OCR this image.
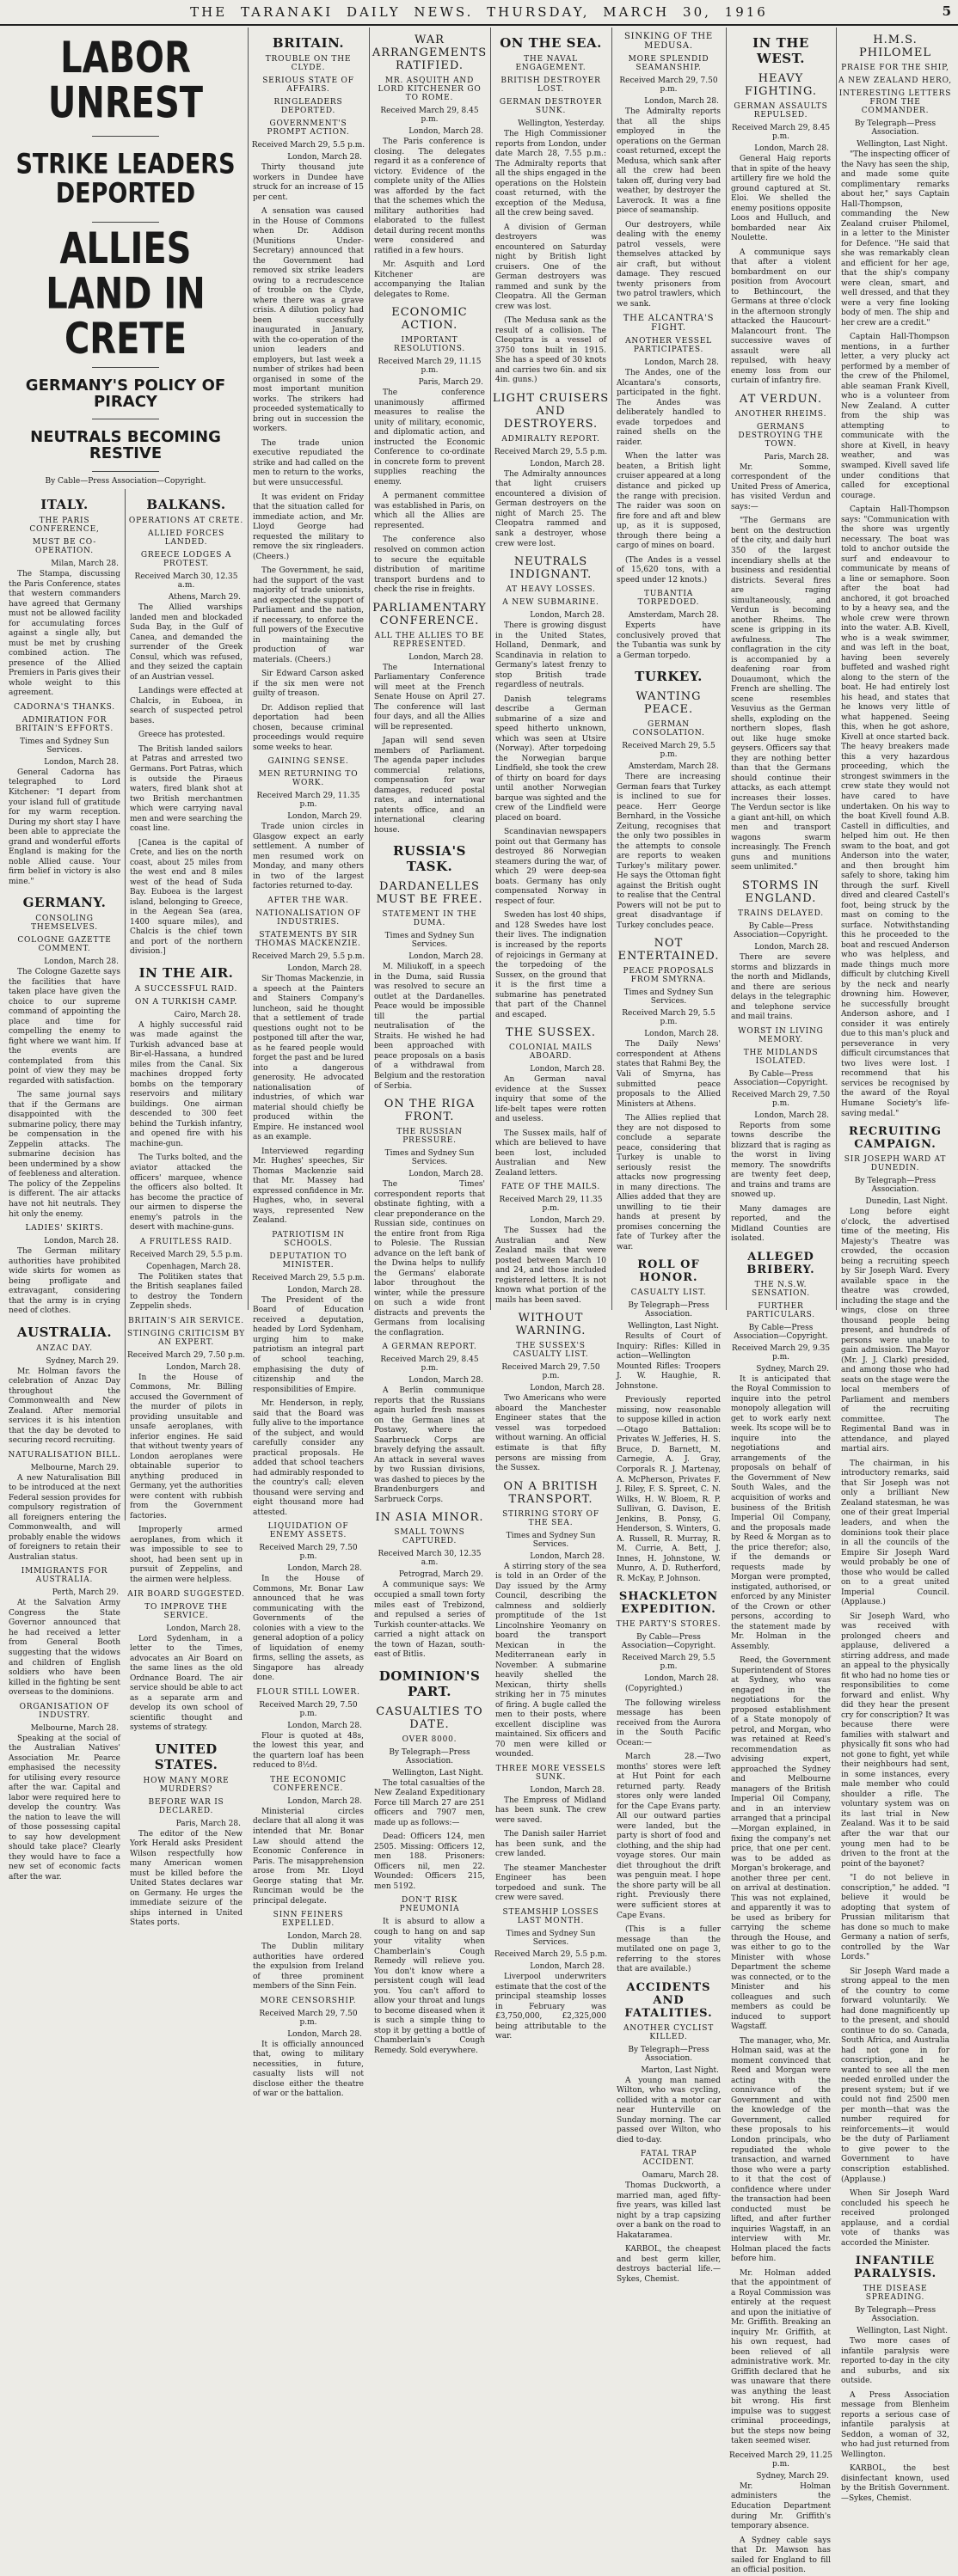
THE TARANAKI DAILY NEWS. THURSDAY, MARCH 30, 1916	5
LABOR UNREST
STRIKE LEADERS DEPORTED
ALLIES LAND IN CRETE
GERMANY'S POLICY OF PIRACY
NEUTRALS BECOMING RESTIVE
By Cable—Press Association—Copyright.
ITALY.
THE PARIS CONFERENCE,
MUST BE CO-OPERATION.
Milan, March 28.

The Stampa, discussing the Paris Conference, states that western commanders have agreed that Germany must not be allowed facility for accumulating forces against a single ally, but must be met by crushing combined action. The presence of the Allied Premiers in Paris gives their whole weight to this agreement.

CADORNA'S THANKS.
ADMIRATION FOR BRITAIN'S EFFORTS.
Times and Sydney Sun Services.
London, March 28.

General Cadorna has telegraphed to Lord Kitchener: "I depart from your island full of gratitude for my warm reception. During my short stay I have been able to appreciate the grand and wonderful efforts England is making for the noble Allied cause. Your firm belief in victory is also mine."

GERMANY.
CONSOLING THEMSELVES.
COLOGNE GAZETTE COMMENT.
London, March 28.

The Cologne Gazette says the facilities that have taken place have given the choice to our supreme command of appointing the place and time for compelling the enemy to fight where we want him. If the events are contemplated from this point of view they may be regarded with satisfaction.

The same journal says that if the Germans are disappointed with the submarine policy, there may be compensation in the Zeppelin attacks. The submarine decision has been undermined by a show of feebleness and alteration. The policy of the Zeppelins is different. The air attacks have not hit neutrals. They hit only the enemy.

LADIES' SKIRTS.
London, March 28.

The German military authorities have prohibited wide skirts for women as being profligate and extravagant, considering that the army is in crying need of clothes.

AUSTRALIA.
ANZAC DAY.
Sydney, March 29.

Mr. Holman favors the celebration of Anzac Day throughout the Commonwealth and New Zealand. After memorial services it is his intention that the day be devoted to securing record recruiting.

NATURALISATION BILL.
Melbourne, March 29.

A new Naturalisation Bill to be introduced at the next Federal session provides for compulsory registration of all foreigners entering the Commonwealth, and will probably enable the widows of foreigners to retain their Australian status.

IMMIGRANTS FOR AUSTRALIA.
Perth, March 29.

At the Salvation Army Congress the State Governor announced that he had received a letter from General Booth suggesting that the widows and children of English soldiers who have been killed in the fighting be sent overseas to the dominions.

ORGANISATION OF INDUSTRY.
Melbourne, March 28.

Speaking at the social of the Australian Natives' Association Mr. Pearce emphasised the necessity for utilising every resource after the war. Capital and labor were required here to develop the country. Was the nation to leave the will of those possessing capital to say how development should take place? Clearly they would have to face a new set of economic facts after the war.

BALKANS.
OPERATIONS AT CRETE.
ALLIED FORCES LANDED.
GREECE LODGES A PROTEST.
Received March 30, 12.35 a.m.
Athens, March 29.

The Allied warships landed men and blockaded Suda Bay, in the Gulf of Canea, and demanded the surrender of the Greek Consul, which was refused, and they seized the captain of an Austrian vessel.

Landings were effected at Chalcis, in Euboea, in search of suspected petrol bases.

Greece has protested.

The British landed sailors at Patras and arrested two Germans. Port Patras, which is outside the Piraeus waters, fired blank shot at two British merchantmen which were carrying naval men and were searching the coast line.

[Canea is the capital of Crete, and lies on the north coast, about 25 miles from the west end and 8 miles west of the head of Suda Bay. Euboea is the largest island, belonging to Greece, in the Aegean Sea (area, 1400 square miles), and Chalcis is the chief town and port of the northern division.]

IN THE AIR.
A SUCCESSFUL RAID.
ON A TURKISH CAMP.
Cairo, March 28.

A highly successful raid was made against the Turkish advanced base at Bir-el-Hassana, a hundred miles from the Canal. Six machines dropped forty bombs on the temporary reservoirs and military buildings. One airman descended to 300 feet behind the Turkish infantry, and opened fire with his machine-gun.

The Turks bolted, and the aviator attacked the officers' marquee, whence the officers also bolted. It has become the practice of our airmen to disperse the enemy's patrols in the desert with machine-guns.

A FRUITLESS RAID.
Received March 29, 5.5 p.m.
Copenhagen, March 28.

The Politiken states that the British seaplanes failed to destroy the Tondern Zeppelin sheds.

BRITAIN'S AIR SERVICE.
STINGING CRITICISM BY AN EXPERT.
Received March 29, 7.50 p.m.
London, March 28.

In the House of Commons, Mr. Billing accused the Government of the murder of pilots in providing unsuitable and unsafe aeroplanes, with inferior engines. He said that without twenty years of London aeroplanes were obtainable superior to anything produced in Germany, yet the authorities were content with rubbish from the Government factories.

Improperly armed aeroplanes, from which it was impossible to see to shoot, had been sent up in pursuit of Zeppelins, and the airmen were helpless.

AIR BOARD SUGGESTED.
TO IMPROVE THE SERVICE.
London, March 28.

Lord Sydenham, in a letter to the Times, advocates an Air Board on the same lines as the old Ordnance Board. The air service should be able to act as a separate arm and develop its own school of scientific thought and systems of strategy.

UNITED STATES.
HOW MANY MORE MURDERS?
BEFORE WAR IS DECLARED.
Paris, March 28.

The editor of the New York Herald asks President Wilson respectfully how many American women must be killed before the United States declares war on Germany. He urges the immediate seizure of the ships interned in United States ports.

BRITAIN.
TROUBLE ON THE CLYDE.
SERIOUS STATE OF AFFAIRS.
RINGLEADERS DEPORTED.
GOVERNMENT'S PROMPT ACTION.
Received March 29, 5.5 p.m.
London, March 28.

Thirty thousand jute workers in Dundee have struck for an increase of 15 per cent.

A sensation was caused in the House of Commons when Dr. Addison (Munitions Under-Secretary) announced that the Government had removed six strike leaders owing to a recrudescence of trouble on the Clyde, where there was a grave crisis. A dilution policy had been successfully inaugurated in January, with the co-operation of the union leaders and employers, but last week a number of strikes had been organised in some of the most important munition works. The strikers had proceeded systematically to bring out in succession the workers.

The trade union executive repudiated the strike and had called on the men to return to the works, but were unsuccessful.

It was evident on Friday that the situation called for immediate action, and Mr. Lloyd George had requested the military to remove the six ringleaders. (Cheers.)

The Government, he said, had the support of the vast majority of trade unionists, and expected the support of Parliament and the nation, if necessary, to enforce the full powers of the Executive in maintaining the production of war materials. (Cheers.)

Sir Edward Carson asked if the six men were not guilty of treason.

Dr. Addison replied that deportation had been chosen, because criminal proceedings would require some weeks to hear.

GAINING SENSE.
MEN RETURNING TO WORK.
Received March 29, 11.35 p.m.
London, March 29.

Trade union circles in Glasgow expect an early settlement. A number of men resumed work on Monday, and many others in two of the largest factories returned to-day.

AFTER THE WAR.
NATIONALISATION OF INDUSTRIES.
STATEMENTS BY SIR THOMAS MACKENZIE.
Received March 29, 5.5 p.m.
London, March 28.

Sir Thomas Mackenzie, in a speech at the Painters and Stainers Company's luncheon, said he thought that a settlement of trade questions ought not to be postponed till after the war, as he feared people would forget the past and be lured into a dangerous generosity. He advocated nationalisation of industries, of which war material should chiefly be produced within the Empire. He instanced wool as an example.

Interviewed regarding Mr. Hughes' speeches, Sir Thomas Mackenzie said that Mr. Massey had expressed confidence in Mr. Hughes, who, in several ways, represented New Zealand.

PATRIOTISM IN SCHOOLS.
DEPUTATION TO MINISTER.
Received March 29, 5.5 p.m.
London, March 28.

The President of the Board of Education received a deputation, headed by Lord Sydenham, urging him to make patriotism an integral part of school teaching, emphasising the duty of citizenship and the responsibilities of Empire.

Mr. Henderson, in reply, said that the Board was fully alive to the importance of the subject, and would carefully consider any practical proposals. He added that school teachers had admirably responded to the country's call; eleven thousand were serving and eight thousand more had attested.

LIQUIDATION OF ENEMY ASSETS.
Received March 29, 7.50 p.m.
London, March 28.

In the House of Commons, Mr. Bonar Law announced that he was communicating with the Governments of the colonies with a view to the general adoption of a policy of liquidation of enemy firms, selling the assets, as Singapore has already done.

FLOUR STILL LOWER.
Received March 29, 7.50 p.m.
London, March 28.

Flour is quoted at 48s, the lowest this year, and the quartern loaf has been reduced to 8½d.

THE ECONOMIC CONFERENCE.
London, March 28.

Ministerial circles declare that all along it was intended that Mr. Bonar Law should attend the Economic Conference in Paris. The misapprehension arose from Mr. Lloyd George stating that Mr. Runciman would be the principal delegate.

SINN FEINERS EXPELLED.
London, March 28.

The Dublin military authorities have ordered the expulsion from Ireland of three prominent members of the Sinn Fein.

MORE CENSORSHIP.
Received March 29, 7.50 p.m.
London, March 28.

It is officially announced that, owing to military necessities, in future, casualty lists will not disclose either the theatre of war or the battalion.

WAR ARRANGEMENTS RATIFIED.
MR. ASQUITH AND LORD KITCHENER GO TO ROME.
Received March 29, 8.45 p.m.
London, March 28.

The Paris conference is closing. The delegates regard it as a conference of victory. Evidence of the complete unity of the Allies was afforded by the fact that the schemes which the military authorities had elaborated to the fullest detail during recent months were considered and ratified in a few hours.

Mr. Asquith and Lord Kitchener are accompanying the Italian delegates to Rome.

ECONOMIC ACTION.
IMPORTANT RESOLUTIONS.
Received March 29, 11.15 p.m.
Paris, March 29.

The conference unanimously affirmed measures to realise the unity of military, economic, and diplomatic action, and instructed the Economic Conference to co-ordinate in concrete form to prevent supplies reaching the enemy.

A permanent committee was established in Paris, on which all the Allies are represented.

The conference also resolved on common action to secure the equitable distribution of maritime transport burdens and to check the rise in freights.

PARLIAMENTARY CONFERENCE.
ALL THE ALLIES TO BE REPRESENTED.
London, March 28.

The International Parliamentary Conference will meet at the French Senate House on April 27. The conference will last four days, and all the Allies will be represented.

Japan will send seven members of Parliament. The agenda paper includes commercial relations, compensation for war damages, reduced postal rates, and international patents office, and an international clearing house.

RUSSIA'S TASK.
DARDANELLES MUST BE FREE.
STATEMENT IN THE DUMA.
Times and Sydney Sun Services.
London, March 28.

M. Miliukoff, in a speech in the Duma, said Russia was resolved to secure an outlet at the Dardanelles. Peace would be impossible till the partial neutralisation of the Straits. He wished he had been approached with peace proposals on a basis of a withdrawal from Belgium and the restoration of Serbia.

ON THE RIGA FRONT.
THE RUSSIAN PRESSURE.
Times and Sydney Sun Services.
London, March 28.

The Times' correspondent reports that obstinate fighting, with a clear preponderance on the Russian side, continues on the entire front from Riga to Polesie. The Russian advance on the left bank of the Dwina helps to nullify the Germans' elaborate labor throughout the winter, while the pressure on such a wide front distracts and prevents the Germans from localising the conflagration.

A GERMAN REPORT.
Received March 29, 8.45 p.m.
London, March 28.

A Berlin communique reports that the Russians again hurled fresh masses on the German lines at Postawy, where the Saarbrueck Corps are bravely defying the assault. An attack in several waves by two Russian divisions, was dashed to pieces by the Brandenburgers and Sarbrueck Corps.

IN ASIA MINOR.
SMALL TOWNS CAPTURED.
Received March 30, 12.35 a.m.
Petrograd, March 29.

A communique says: We occupied a small town forty miles east of Trebizond, and repulsed a series of Turkish counter-attacks. We carried a night attack on the town of Hazan, south-east of Bitlis.

DOMINION'S PART.
CASUALTIES TO DATE.
OVER 8000.
By Telegraph—Press Association.
Wellington, Last Night.

The total casualties of the New Zealand Expeditionary Force till March 27 are 251 officers and 7907 men, made up as follows:—

Dead: Officers 124, men 2505. Missing: Officers 12, men 188. Prisoners: Officers nil, men 22. Wounded: Officers 215, men 5192.

DON'T RISK PNEUMONIA

It is absurd to allow a cough to hang on and sap your vitality when Chamberlain's Cough Remedy will relieve you. You don't know where a persistent cough will lead you. You can't afford to allow your throat and lungs to become diseased when it is such a simple thing to stop it by getting a bottle of Chamberlain's Cough Remedy. Sold everywhere.

ON THE SEA.
THE NAVAL ENGAGEMENT.
BRITISH DESTROYER LOST.
GERMAN DESTROYER SUNK.
Wellington, Yesterday.

The High Commissioner reports from London, under date March 28, 7.55 p.m.: The Admiralty reports that all the ships engaged in the operations on the Holstein coast returned, with the exception of the Medusa, all the crew being saved.

A division of German destroyers was encountered on Saturday night by British light cruisers. One of the German destroyers was rammed and sunk by the Cleopatra. All the German crew was lost.

(The Medusa sank as the result of a collision. The Cleopatra is a vessel of 3750 tons built in 1915. She has a speed of 30 knots and carries two 6in. and six 4in. guns.)

LIGHT CRUISERS AND DESTROYERS.
ADMIRALTY REPORT.
Received March 29, 5.5 p.m.
London, March 28.

The Admiralty announces that light cruisers encountered a division of German destroyers on the night of March 25. The Cleopatra rammed and sank a destroyer, whose crew were lost.

NEUTRALS INDIGNANT.
AT HEAVY LOSSES.
A NEW SUBMARINE.
London, March 28.

There is growing disgust in the United States, Holland, Denmark, and Scandinavia in relation to Germany's latest frenzy to stop British trade regardless of neutrals.

Danish telegrams describe a German submarine of a size and speed hitherto unknown, which was seen at Utsire (Norway). After torpedoing the Norwegian barque Lindfield, she took the crew of thirty on board for days until another Norwegian barque was sighted and the crew of the Lindfield were placed on board.

Scandinavian newspapers point out that Germany has destroyed 86 Norwegian steamers during the war, of which 29 were deep-sea boats. Germany has only compensated Norway in respect of four.

Sweden has lost 40 ships, and 128 Swedes have lost their lives. The indignation is increased by the reports of rejoicings in Germany at the torpedoing of the Sussex, on the ground that it is the first time a submarine has penetrated that part of the Channel and escaped.

THE SUSSEX.
COLONIAL MAILS ABOARD.
London, March 28.

An German naval evidence at the Sussex inquiry that some of the life-belt tapes were rotten and useless.

The Sussex mails, half of which are believed to have been lost, included Australian and New Zealand letters.

FATE OF THE MAILS.
Received March 29, 11.35 p.m.
London, March 29.

The Sussex had the Australian and New Zealand mails that were posted between March 10 and 24, and those included registered letters. It is not known what portion of the mails has been saved.

WITHOUT WARNING.
THE SUSSEX'S CASUALTY LIST.
Received March 29, 7.50 p.m.
London, March 28.

Two Americans who were aboard the Manchester Engineer states that the vessel was torpedoed without warning. An official estimate is that fifty persons are missing from the Sussex.

ON A BRITISH TRANSPORT.
STIRRING STORY OF THE SEA.
Times and Sydney Sun Services.
London, March 28.

A stirring story of the sea is told in an Order of the Day issued by the Army Council, describing the calmness and soldierly promptitude of the 1st Lincolnshire Yeomanry on board the transport Mexican in the Mediterranean early in November. A submarine heavily shelled the Mexican, thirty shells striking her in 75 minutes of firing. A bugle called the men to their posts, where excellent discipline was maintained. Six officers and 70 men were killed or wounded.

THREE MORE VESSELS SUNK.
London, March 28.

The Empress of Midland has been sunk. The crew were saved.

The Danish sailer Harriet has been sunk, and the crew landed.

The steamer Manchester Engineer has been torpedoed and sunk. The crew were saved.

STEAMSHIP LOSSES LAST MONTH.
Times and Sydney Sun Services.
Received March 29, 5.5 p.m.
London, March 28.

Liverpool underwriters estimate that the cost of the principal steamship losses in February was £3,750,000, £2,325,000 being attributable to the war.

SINKING OF THE MEDUSA.
MORE SPLENDID SEAMANSHIP.
Received March 29, 7.50 p.m.
London, March 28.

The Admiralty reports that all the ships employed in the operations on the German coast returned, except the Medusa, which sank after all the crew had been taken off, during very bad weather, by destroyer the Laverock. It was a fine piece of seamanship.

Our destroyers, while dealing with the enemy patrol vessels, were themselves attacked by air craft, but without damage. They rescued twenty prisoners from two patrol trawlers, which we sank.

THE ALCANTRA'S FIGHT.
ANOTHER VESSEL PARTICIPATES.
London, March 28.

The Andes, one of the Alcantara's consorts, participated in the fight. The Andes was deliberately handled to evade torpedoes and rained shells on the raider.

When the latter was beaten, a British light cruiser appeared at a long distance and picked up the range with precision. The raider was soon on fire fore and aft and blew up, as it is supposed, through there being a cargo of mines on board.

(The Andes is a vessel of 15,620 tons, with a speed under 12 knots.)

TUBANTIA TORPEDOED.
Amsterdam, March 28.

Experts have conclusively proved that the Tubantia was sunk by a German torpedo.

TURKEY.
WANTING PEACE.
GERMAN CONSOLATION.
Received March 29, 5.5 p.m.
Amsterdam, March 28.

There are increasing German fears that Turkey is inclined to sue for peace. Herr George Bernhard, in the Vossiche Zeitung, recognises that the only two possibles in the attempts to console are reports to weaken Turkey's military power. He says the Ottoman fight against the British ought to realise that the Central Powers will not be put to great disadvantage if Turkey concludes peace.

NOT ENTERTAINED.
PEACE PROPOSALS FROM SMYRNA.
Times and Sydney Sun Services.
Received March 29, 5.5 p.m.
London, March 28.

The Daily News' correspondent at Athens states that Rahmi Bey, the Vali of Smyrna, has submitted peace proposals to the Allied Ministers at Athens.

The Allies replied that they are not disposed to conclude a separate peace, considering that Turkey is unable to seriously resist the attacks now progressing in many directions. The Allies added that they are unwilling to tie their hands at present by promises concerning the fate of Turkey after the war.

ROLL OF HONOR.
CASUALTY LIST.
By Telegraph—Press Association.
Wellington, Last Night.

Results of Court of Inquiry: Rifles: Killed in action—Wellington Mounted Rifles: Troopers J. W. Haughie, R. Johnstone.

Previously reported missing, now reasonable to suppose killed in action—Otago Battalion: Privates W. Jefferies, H. S. Bruce, D. Barnett, M. Carnegie, A. J. Gray, Corporals R. J. Martenay, A. McPherson, Privates F. J. Riley, F. S. Spreet, C. N. Wilks, H. W. Bloem, R. P. Sullivan, G. Davison, E. Jenkins, B. Ponsy, G. Henderson, S. Winters, G. A. Russell, R. Murray, R. M. Currie, A. Bett, J. Innes, H. Johnstone, W. Munro, A. D. Rutherford, R. McKay, P. Johnson.

SHACKLETON EXPEDITION.
THE PARTY'S STORES.
By Cable—Press Association—Copyright.
Received March 29, 5.5 p.m.
London, March 28.

(Copyrighted.)

The following wireless message has been received from the Aurora in the South Pacific Ocean:—

March 28.—Two months' stores were left at Hut Point for each returned party. Ready stores only were landed for the Cape Evans party. All our outward parties were landed, but the party is short of food and clothing, and the ship had voyage stores. Our main diet throughout the drift was penguin meat. I hope the shore party will be all right. Previously there were sufficient stores at Cape Evans.

(This is a fuller message than the mutilated one on page 3, referring to the stores that are available.)

ACCIDENTS AND FATALITIES.
ANOTHER CYCLIST KILLED.
By Telegraph—Press Association.
Marton, Last Night.

A young man named Wilton, who was cycling, collided with a motor car near Hunterville on Sunday morning. The car passed over Wilton, who died to-day.

FATAL TRAP ACCIDENT.
Oamaru, March 28.

Thomas Duckworth, a married man, aged fifty-five years, was killed last night by a trap capsizing over a bank on the road to Hakataramea.

KARBOL, the cheapest and best germ killer, destroys bacterial life.—Sykes, Chemist.

IN THE WEST.
HEAVY FIGHTING.
GERMAN ASSAULTS REPULSED.
Received March 29, 8.45 p.m.
London, March 28.

General Haig reports that in spite of the heavy artillery fire we hold the ground captured at St. Eloi. We shelled the enemy positions opposite Loos and Hulluch, and bombarded near Aix Noulette.

A communique says that after a violent bombardment on our position from Avocourt to Bethincourt, the Germans at three o'clock in the afternoon strongly attacked the Haucourt-Malancourt front. The successive waves of assault were all repulsed, with heavy enemy loss from our curtain of infantry fire.

AT VERDUN.
ANOTHER RHEIMS.
GERMANS DESTROYING THE TOWN.
Paris, March 28.

Mr. Somme, correspondent of the United Press of America, has visited Verdun and says:—

"The Germans are bent on the destruction of the city, and daily hurl 350 of the largest incendiary shells at the business and residential districts. Several fires are raging simultaneously, and Verdun is becoming another Rheims. The scene is gripping in its awfulness. The conflagration in the city is accompanied by a deafening roar from Douaumont, which the French are shelling. The scene resembles Vesuvius as the German shells, exploding on the northern slopes, flash out like huge smoke geysers. Officers say that they are nothing better than that the Germans should continue their attacks, as each attempt increases their losses. The Verdun sector is like a giant ant-hill, on which men and transport wagons swarm increasingly. The French guns and munitions seem unlimited."

STORMS IN ENGLAND.
TRAINS DELAYED.
By Cable—Press Association—Copyright.
London, March 28.

There are severe storms and blizzards in the north and Midlands, and there are serious delays in the telegraphic and telephone service and mail trains.

WORST IN LIVING MEMORY.
THE MIDLANDS ISOLATED.
By Cable—Press Association—Copyright.
Received March 29, 7.50 p.m.
London, March 28.

Reports from some towns describe the blizzard that is raging as the worst in living memory. The snowdrifts are twenty feet deep, and trains and trams are snowed up.

Many damages are reported, and the Midland Counties are isolated.

ALLEGED BRIBERY.
THE N.S.W. SENSATION.
FURTHER PARTICULARS.
By Cable—Press Association—Copyright.
Received March 29, 9.35 p.m.
Sydney, March 29.

It is anticipated that the Royal Commission to inquire into the petrol monopoly allegation will get to work early next week. Its scope will be to inquire into the negotiations and arrangements of the proposals on behalf of the Government of New South Wales, and the acquisition of works and business of the British Imperial Oil Company, and the proposals made by Reed & Morgan as to the price therefor; also, if the demands or requests made by Morgan were prompted, instigated, authorised, or enforced by any Minister of the Crown or other persons, according to the statement made by Mr. Holman in the Assembly.

Reed, the Government Superintendent of Stores at Sydney, who was engaged in the negotiations for the proposed establishment of a State monopoly of petrol, and Morgan, who was retained at Reed's recommendation as advising expert, approached the Sydney and Melbourne managers of the British Imperial Oil Company, and in an interview arranged that a principal—Morgan explained, in fixing the company's net price, that one per cent. was to be added as Morgan's brokerage, and another three per cent. on arrival at destination. This was not explained, and apparently it was to be used as bribery for carrying the scheme through the House, and was either to go to the Minister with whose Department the scheme was connected, or to the Minister and his colleagues and such members as could be induced to support Wagstaff.

The manager, who, Mr. Holman said, was at the moment convinced that Reed and Morgan were acting with the connivance of the Government and with the knowledge of the Government, called these proposals to his London principals, who repudiated the whole transaction, and warned those who were a party to it that the cost of confidence where under the transaction had been conducted must be lifted, and after further inquiries Wagstaff, in an interview with Mr. Holman placed the facts before him.

Mr. Holman added that the appointment of a Royal Commission was entirely at the request and upon the initiative of Mr. Griffith. Breaking an inquiry Mr. Griffith, at his own request, had been relieved of all administrative work. Mr. Griffith declared that he was unaware that there was anything the least bit wrong. His first impulse was to suggest criminal proceedings, but the steps now being taken seemed wiser.

Received March 29, 11.25 p.m.
Sydney, March 29.

Mr. Holman administers the Education Department during Mr. Griffith's temporary absence.

A Sydney cable says that Dr. Mawson has sailed for England to fill an official position.

H.M.S. PHILOMEL
PRAISE FOR THE SHIP,
A NEW ZEALAND HERO,
INTERESTING LETTERS FROM THE COMMANDER.
By Telegraph—Press Association.
Wellington, Last Night.

"The inspecting officer of the Navy has seen the ship, and made some quite complimentary remarks about her," says Captain Hall-Thompson, commanding the New Zealand cruiser Philomel, in a letter to the Minister for Defence. "He said that she was remarkably clean and efficient for her age, that the ship's company were clean, smart, and well dressed, and that they were a very fine looking body of men. The ship and her crew are a credit."

Captain Hall-Thompson mentions, in a further letter, a very plucky act performed by a member of the crew of the Philomel, able seaman Frank Kivell, who is a volunteer from New Zealand. A cutter from the ship was attempting to communicate with the shore at Kivell, in heavy weather, and was swamped. Kivell saved life under conditions that called for exceptional courage.

Captain Hall-Thompson says: "Communication with the shore was urgently necessary. The boat was told to anchor outside the surf and endeavour to communicate by means of a line or semaphore. Soon after the boat had anchored, it got broached to by a heavy sea, and the whole crew were thrown into the water. A.B. Kivell, who is a weak swimmer, and was left in the boat, having been severely buffeted and washed right along to the stern of the boat. He had entirely lost his head, and states that he knows very little of what happened. Seeing this, when he got ashore, Kivell at once started back. The heavy breakers made this a very hazardous proceeding, which the strongest swimmers in the crew state they would not have cared to have undertaken. On his way to the boat Kivell found A.B. Castell in difficulties, and helped him out. He then swam to the boat, and got Anderson into the water, and then brought him safely to shore, taking him through the surf. Kivell dived and cleared Castell's foot, being struck by the mast on coming to the surface. Notwithstanding this he proceeded to the boat and rescued Anderson who was helpless, and made things much more difficult by clutching Kivell by the neck and nearly drowning him. However, he successfully brought Anderson ashore, and I consider it was entirely due to this man's pluck and perseverance in very difficult circumstances that two lives were lost. I recommend that his services be recognised by the award of the Royal Humane Society's life-saving medal."

RECRUITING CAMPAIGN.
SIR JOSEPH WARD AT DUNEDIN.
By Telegraph—Press Association.
Dunedin, Last Night.

Long before eight o'clock, the advertised time of the meeting, His Majesty's Theatre was crowded, the occasion being a recruiting speech by Sir Joseph Ward. Every available space in the theatre was crowded, including the stage and the wings, close on three thousand people being present, and hundreds of persons were unable to gain admission. The Mayor (Mr. J. J. Clark) presided, and among those who had seats on the stage were the local members of Parliament and members of the recruiting committee. The Regimental Band was in attendance, and played martial airs.

The chairman, in his introductory remarks, said that Sir Joseph was not only a brilliant New Zealand statesman, he was one of their great Imperial leaders, and when the dominions took their place in all the councils of the Empire Sir Joseph Ward would probably be one of those who would be called on to a great united Imperial Council. (Applause.)

Sir Joseph Ward, who was received with prolonged cheers and applause, delivered a stirring address, and made an appeal to the physically fit who had no home ties or responsibilities to come forward and enlist. Why did they hear the present cry for conscription? It was because there were families with stalwart and physically fit sons who had not gone to fight, yet while their neighbours had sent, in some instances, every male member who could shoulder a rifle. The voluntary system was on its last trial in New Zealand. Was it to be said after the war that our young men had to be driven to the front at the point of the bayonet?

"I do not believe in conscription," he added. "I believe it would be adopting that system of Prussian militarism that has done so much to make Germany a nation of serfs, controlled by the War Lords."

Sir Joseph Ward made a strong appeal to the men of the country to come forward voluntarily. We had done magnificently up to the present, and should continue to do so. Canada, South Africa, and Australia had not gone in for conscription, and he wanted to see all the men needed enrolled under the present system; but if we could not find 2500 men per month—that was the number required for reinforcements—it would be the duty of Parliament to give power to the Government to have conscription established. (Applause.)

When Sir Joseph Ward concluded his speech he received prolonged applause, and a cordial vote of thanks was accorded the Minister.

INFANTILE PARALYSIS.
THE DISEASE SPREADING.
By Telegraph—Press Association.
Wellington, Last Night.

Two more cases of infantile paralysis were reported to-day in the city and suburbs, and six outside.

A Press Association message from Blenheim reports a serious case of infantile paralysis at Seddon, a woman of 32, who had just returned from Wellington.

KARBOL, the best disinfectant known, used by the British Government.—Sykes, Chemist.
